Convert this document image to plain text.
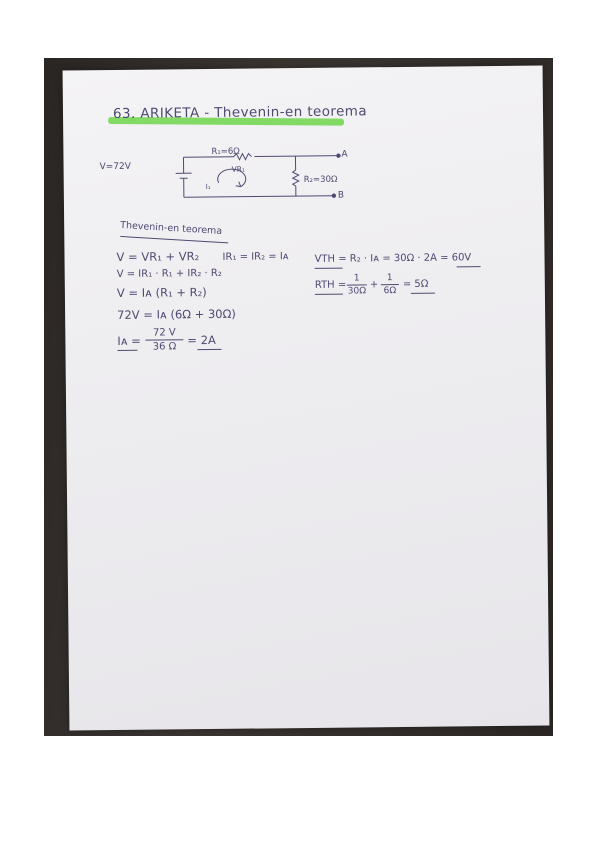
63. ARIKETA - Thevenin-en teorema
V=72V
R₁=6Ω
R₂=30Ω
VR₁
I₁
A
B
Thevenin-en teorema
V = VR₁ + VR₂ IR₁ = IR₂ = Iᴀ
V = IR₁ · R₁ + IR₂ · R₂
V = Iᴀ (R₁ + R₂)
72V = Iᴀ (6Ω + 30Ω)
Iᴀ =
72 V
36 Ω = 2A
VTH = R₂ · Iᴀ = 30Ω · 2A = 60V
RTH =
1
30Ω
+
1
6Ω
= 5Ω
